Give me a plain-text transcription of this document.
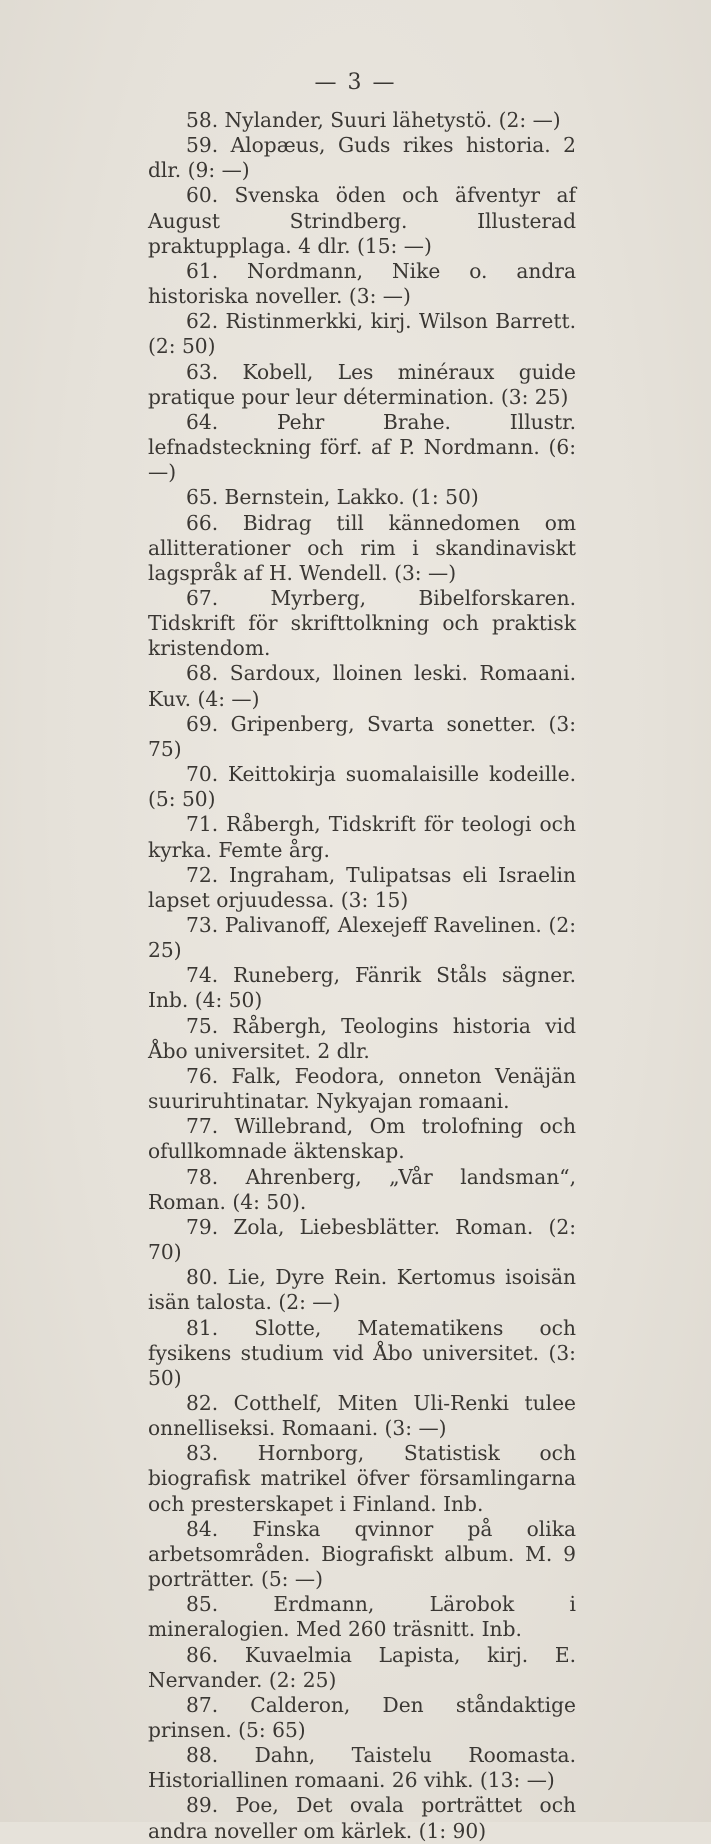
— 3 —

58. Nylander, Suuri lähetystö. (2: —)

59. Alopæus, Guds rikes historia. 2 dlr. (9: —)

60. Svenska öden och äfventyr af August Strindberg. Illusterad praktupplaga. 4 dlr. (15: —)

61. Nordmann, Nike o. andra historiska noveller. (3: —)

62. Ristinmerkki, kirj. Wilson Barrett. (2: 50)

63. Kobell, Les minéraux guide pratique pour leur détermination. (3: 25)

64. Pehr Brahe. Illustr. lefnadsteckning förf. af P. Nordmann. (6: —)

65. Bernstein, Lakko. (1: 50)

66. Bidrag till kännedomen om allitterationer och rim i skandinaviskt lagspråk af H. Wendell. (3: —)

67. Myrberg, Bibelforskaren. Tidskrift för skrifttolkning och praktisk kristendom.

68. Sardoux, lloinen leski. Romaani. Kuv. (4: —)

69. Gripenberg, Svarta sonetter. (3: 75)

70. Keittokirja suomalaisille kodeille. (5: 50)

71. Råbergh, Tidskrift för teologi och kyrka. Femte årg.

72. Ingraham, Tulipatsas eli Israelin lapset orjuudessa. (3: 15)

73. Palivanoff, Alexejeff Ravelinen. (2: 25)

74. Runeberg, Fänrik Ståls sägner. Inb. (4: 50)

75. Råbergh, Teologins historia vid Åbo universitet. 2 dlr.

76. Falk, Feodora, onneton Venäjän suuriruhtinatar. Nykyajan romaani.

77. Willebrand, Om trolofning och ofullkomnade äktenskap.

78. Ahrenberg, „Vår landsman“, Roman. (4: 50).

79. Zola, Liebesblätter. Roman. (2: 70)

80. Lie, Dyre Rein. Kertomus isoisän isän talosta. (2: —)

81. Slotte, Matematikens och fysikens studium vid Åbo universitet. (3: 50)

82. Cotthelf, Miten Uli-Renki tulee onnelliseksi. Romaani. (3: —)

83. Hornborg, Statistisk och biografisk matrikel öfver församlingarna och presterskapet i Finland. Inb.

84. Finska qvinnor på olika arbetsområden. Biografiskt album. M. 9 porträtter. (5: —)

85. Erdmann, Lärobok i mineralogien. Med 260 träsnitt. Inb.

86. Kuvaelmia Lapista, kirj. E. Nervander. (2: 25)

87. Calderon, Den ståndaktige prinsen. (5: 65)

88. Dahn, Taistelu Roomasta. Historiallinen romaani. 26 vihk. (13: —)

89. Poe, Det ovala porträttet och andra noveller om kärlek. (1: 90)
